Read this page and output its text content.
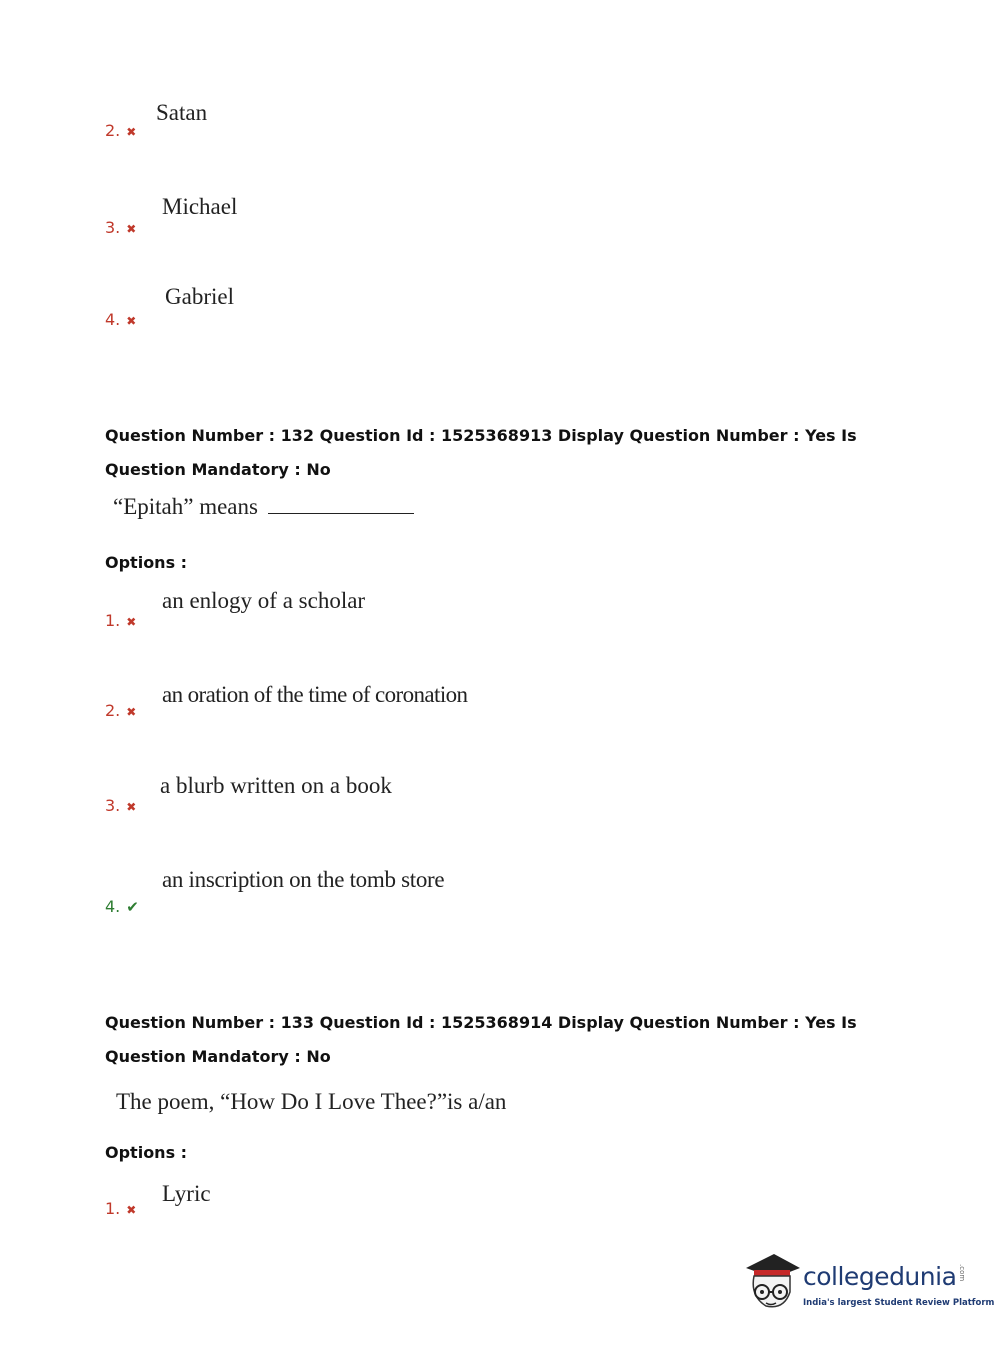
Satan
2. ✖
Michael
3. ✖
Gabriel
4. ✖
Question Number : 132 Question Id : 1525368913 Display Question Number : Yes Is Question Mandatory : No
“Epitah” means
Options :
an enlogy of a scholar
1. ✖
an oration of the time of coronation
2. ✖
a blurb written on a book
3. ✖
an inscription on the tomb store
4. ✔
Question Number : 133 Question Id : 1525368914 Display Question Number : Yes Is Question Mandatory : No
The poem, “How Do I Love Thee?”is a/an
Options :
Lyric
1. ✖
collegedunia .com
India's largest Student Review Platform
